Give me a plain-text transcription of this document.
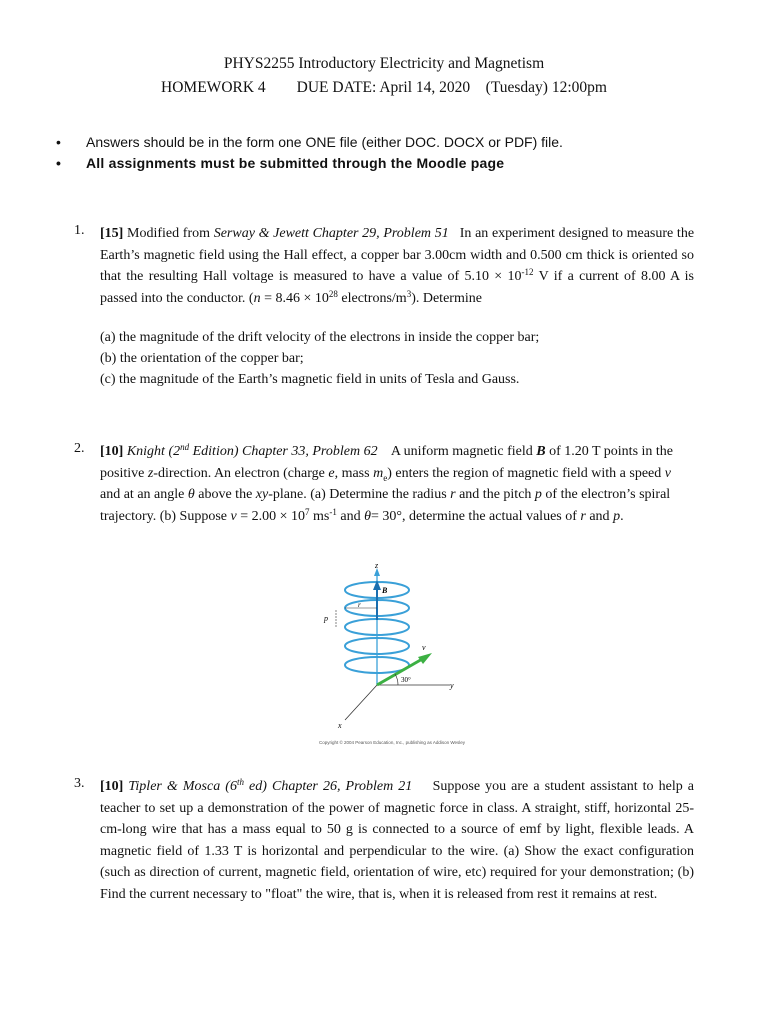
PHYS2255 Introductory Electricity and Magnetism
HOMEWORK 4        DUE DATE: April 14, 2020    (Tuesday) 12:00pm
• Answers should be in the form one ONE file (either DOC. DOCX or PDF) file.
• All assignments must be submitted through the Moodle page
1. [15] Modified from Serway & Jewett Chapter 29, Problem 51 In an experiment designed to measure the Earth’s magnetic field using the Hall effect, a copper bar 3.00cm width and 0.500 cm thick is oriented so that the resulting Hall voltage is measured to have a value of $5.10 \times 10^{-12}$ V if a current of 8.00 A is passed into the conductor. ($n = 8.46 \times 10^{28}$ electrons/$m^3$). Determine
(a) the magnitude of the drift velocity of the electrons in inside the copper bar;
(b) the orientation of the copper bar;
(c) the magnitude of the Earth’s magnetic field in units of Tesla and Gauss.
2. [10] Knight (2nd Edition) Chapter 33, Problem 62 A uniform magnetic field B of 1.20 T points in the positive z-direction. An electron (charge e, mass $m_e$) enters the region of magnetic field with a speed v and at an angle θ above the xy-plane. (a) Determine the radius r and the pitch p of the electron’s spiral trajectory. (b) Suppose $v = 2.00 \times 10^7$ $ms^{-1}$ and θ= 30°, determine the actual values of r and p.
z
B
r
p
v
30°
y
x
Copyright © 2004 Pearson Education, Inc., publishing as Addison Wesley
3. [10] Tipler & Mosca (6th ed) Chapter 26, Problem 21 Suppose you are a student assistant to help a teacher to set up a demonstration of the power of magnetic force in class. A straight, stiff, horizontal 25-cm-long wire that has a mass equal to 50 g is connected to a source of emf by light, flexible leads. A magnetic field of 1.33 T is horizontal and perpendicular to the wire. (a) Show the exact configuration (such as direction of current, magnetic field, orientation of wire, etc) required for your demonstration; (b) Find the current necessary to "float" the wire, that is, when it is released from rest it remains at rest.
